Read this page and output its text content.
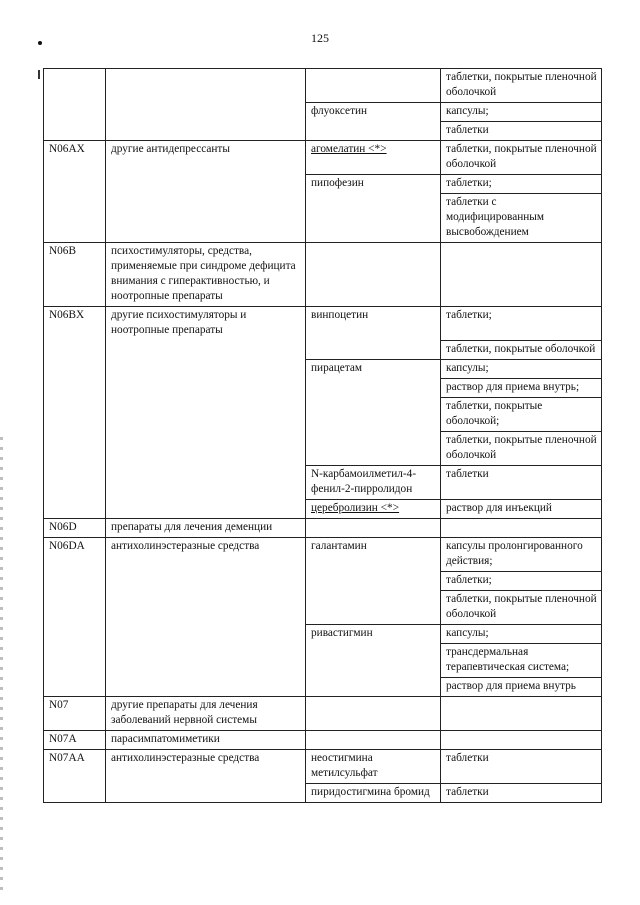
125
			таблетки, покрытые пленочной оболочкой
		флуоксетин	капсулы;
			таблетки
N06AX	другие антидепрессанты	агомелатин <*>	таблетки, покрытые пленочной оболочкой
		пипофезин	таблетки;
			таблетки с модифицированным высвобождением
N06B	психостимуляторы, средства, применяемые при синдроме дефицита внимания с гиперактивностью, и ноотропные препараты		
N06BX	другие психостимуляторы и ноотропные препараты	винпоцетин	таблетки;
			таблетки, покрытые оболочкой
		пирацетам	капсулы;
			раствор для приема внутрь;
			таблетки, покрытые оболочкой;
			таблетки, покрытые пленочной оболочкой
		N-карбамоилметил-4-фенил-2-пирролидон	таблетки
		церебролизин <*>	раствор для инъекций
N06D	препараты для лечения деменции		
N06DA	антихолинэстеразные средства	галантамин	капсулы пролонгированного действия;
			таблетки;
			таблетки, покрытые пленочной оболочкой
		ривастигмин	капсулы;
			трансдермальная терапевтическая система;
			раствор для приема внутрь
N07	другие препараты для лечения заболеваний нервной системы		
N07A	парасимпатомиметики		
N07AA	антихолинэстеразные средства	неостигмина метилсульфат	таблетки
		пиридостигмина бромид	таблетки
